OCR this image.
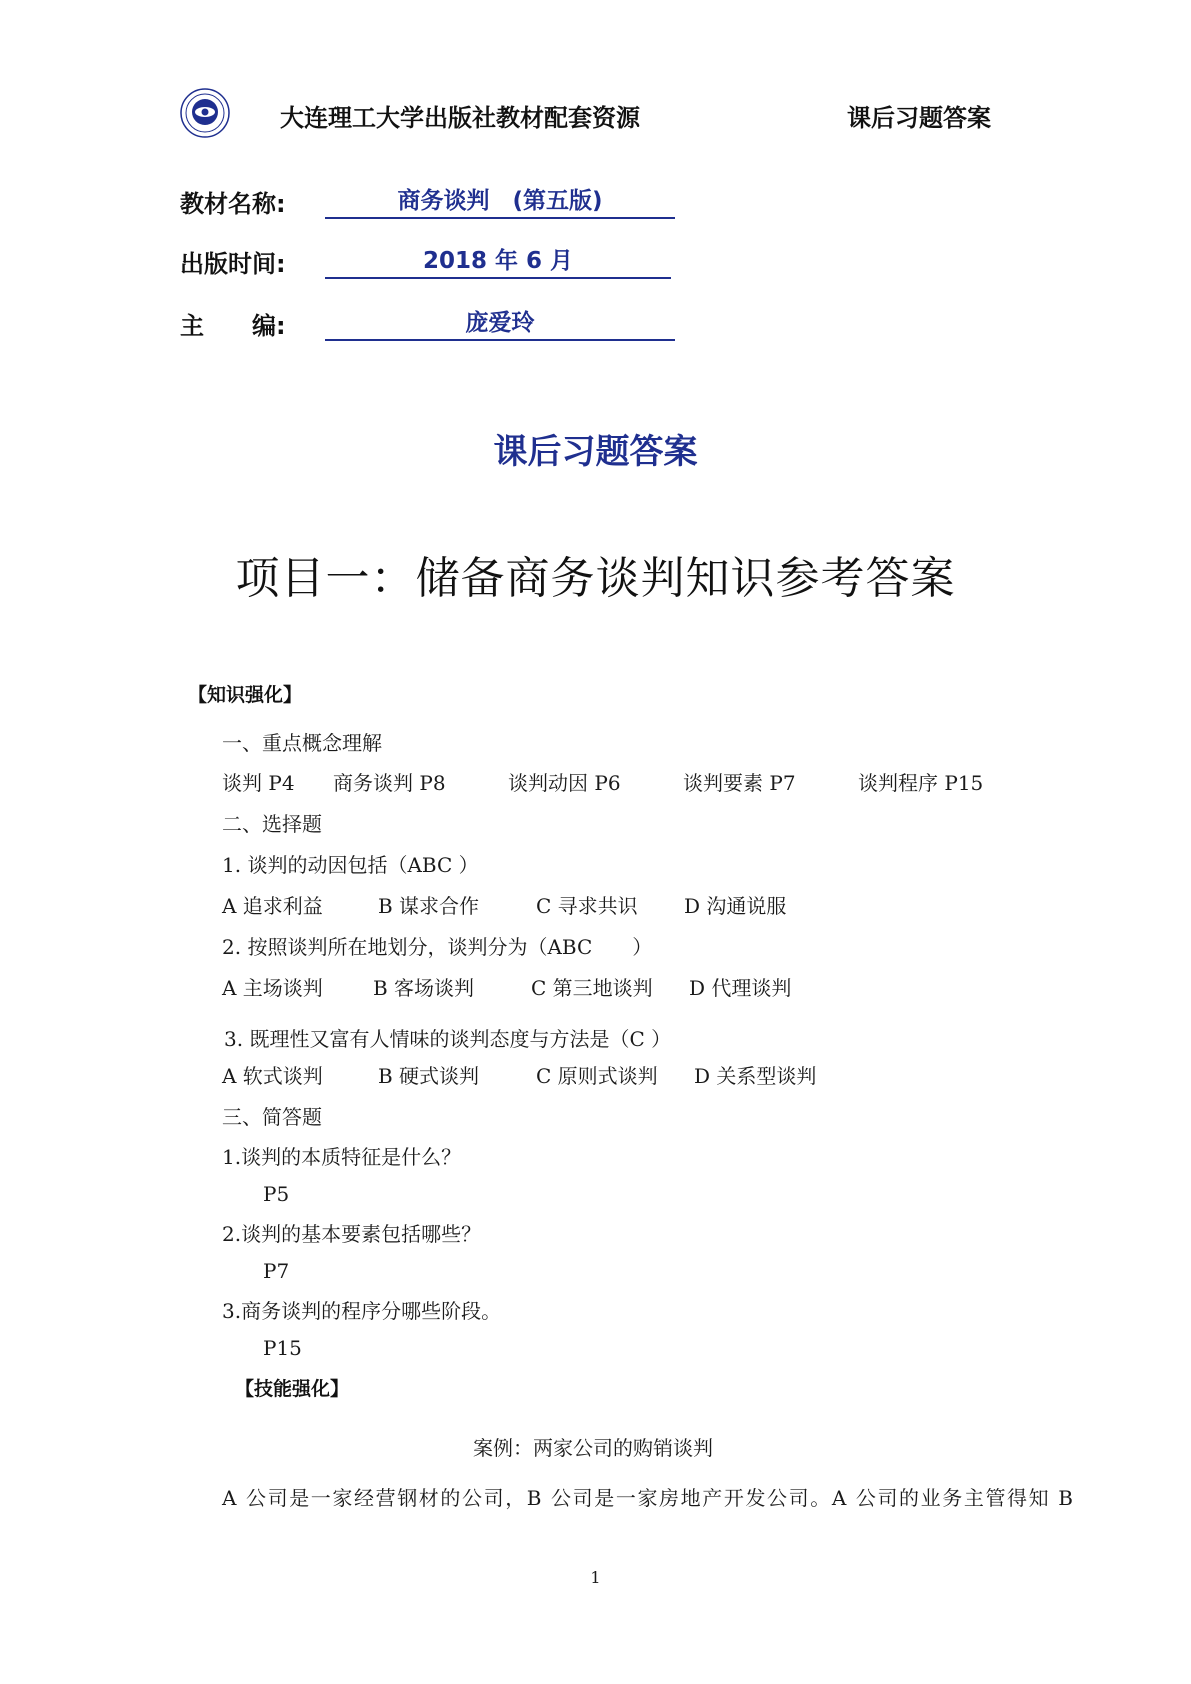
大连理工大学出版社教材配套资源	课后习题答案
教材名称:	商务谈判　(第五版)
出版时间:	2018 年 6 月
主　　编:	庞爱玲
课后习题答案
项目一：储备商务谈判知识参考答案
【知识强化】
一、重点概念理解
谈判 P4 商务谈判 P8	谈判动因 P6	谈判要素 P7	谈判程序 P15
二、选择题
1. 谈判的动因包括（ABC ）
A 追求利益	B 谋求合作	C 寻求共识 D 沟通说服
2. 按照谈判所在地划分，谈判分为（ABC　　）
A 主场谈判	B 客场谈判	C 第三地谈判 D 代理谈判
3. 既理性又富有人情味的谈判态度与方法是（C ）
A 软式谈判	B 硬式谈判	C 原则式谈判 D 关系型谈判
三、简答题
1.谈判的本质特征是什么？
P5
2.谈判的基本要素包括哪些？
P7
3.商务谈判的程序分哪些阶段。
P15
【技能强化】
案例：两家公司的购销谈判
A 公司是一家经营钢材的公司，B 公司是一家房地产开发公司。A 公司的业务主管得知 B
1
